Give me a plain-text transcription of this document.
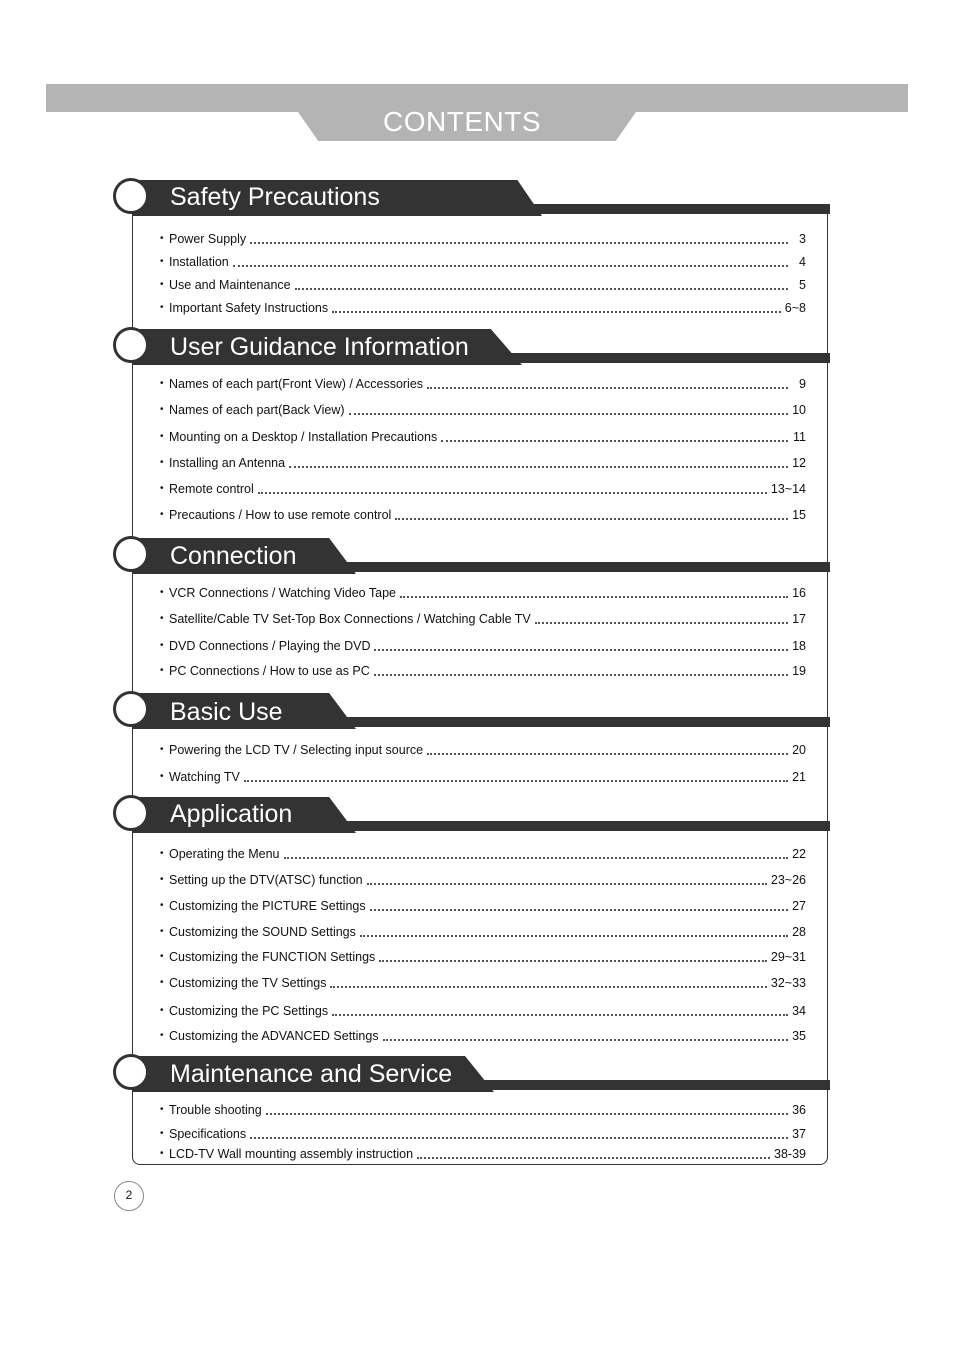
CONTENTS
Safety Precautions
User Guidance Information
Connection
Basic Use
Application
Maintenance and Service
• Power Supply	3
• Installation	4
• Use and Maintenance	5
• Important Safety Instructions	6~8
• Names of each part(Front View) / Accessories	9
• Names of each part(Back View)	10
• Mounting on a Desktop / Installation Precautions	11
• Installing an Antenna	12
• Remote control	13~14
• Precautions / How to use remote control	15
• VCR Connections / Watching Video Tape	16
• Satellite/Cable TV Set-Top Box Connections / Watching Cable TV	17
• DVD Connections / Playing the DVD	18
• PC Connections / How to use as PC	19
• Powering the LCD TV / Selecting input source	20
• Watching TV	21
• Operating the Menu	22
• Setting up the DTV(ATSC) function	23~26
• Customizing the PICTURE Settings	27
• Customizing the SOUND Settings	28
• Customizing the FUNCTION Settings	29~31
• Customizing the TV Settings	32~33
• Customizing the PC Settings	34
• Customizing the ADVANCED Settings	35
• Trouble shooting	36
• Specifications	37
• LCD-TV Wall mounting assembly instruction	38-39
2
